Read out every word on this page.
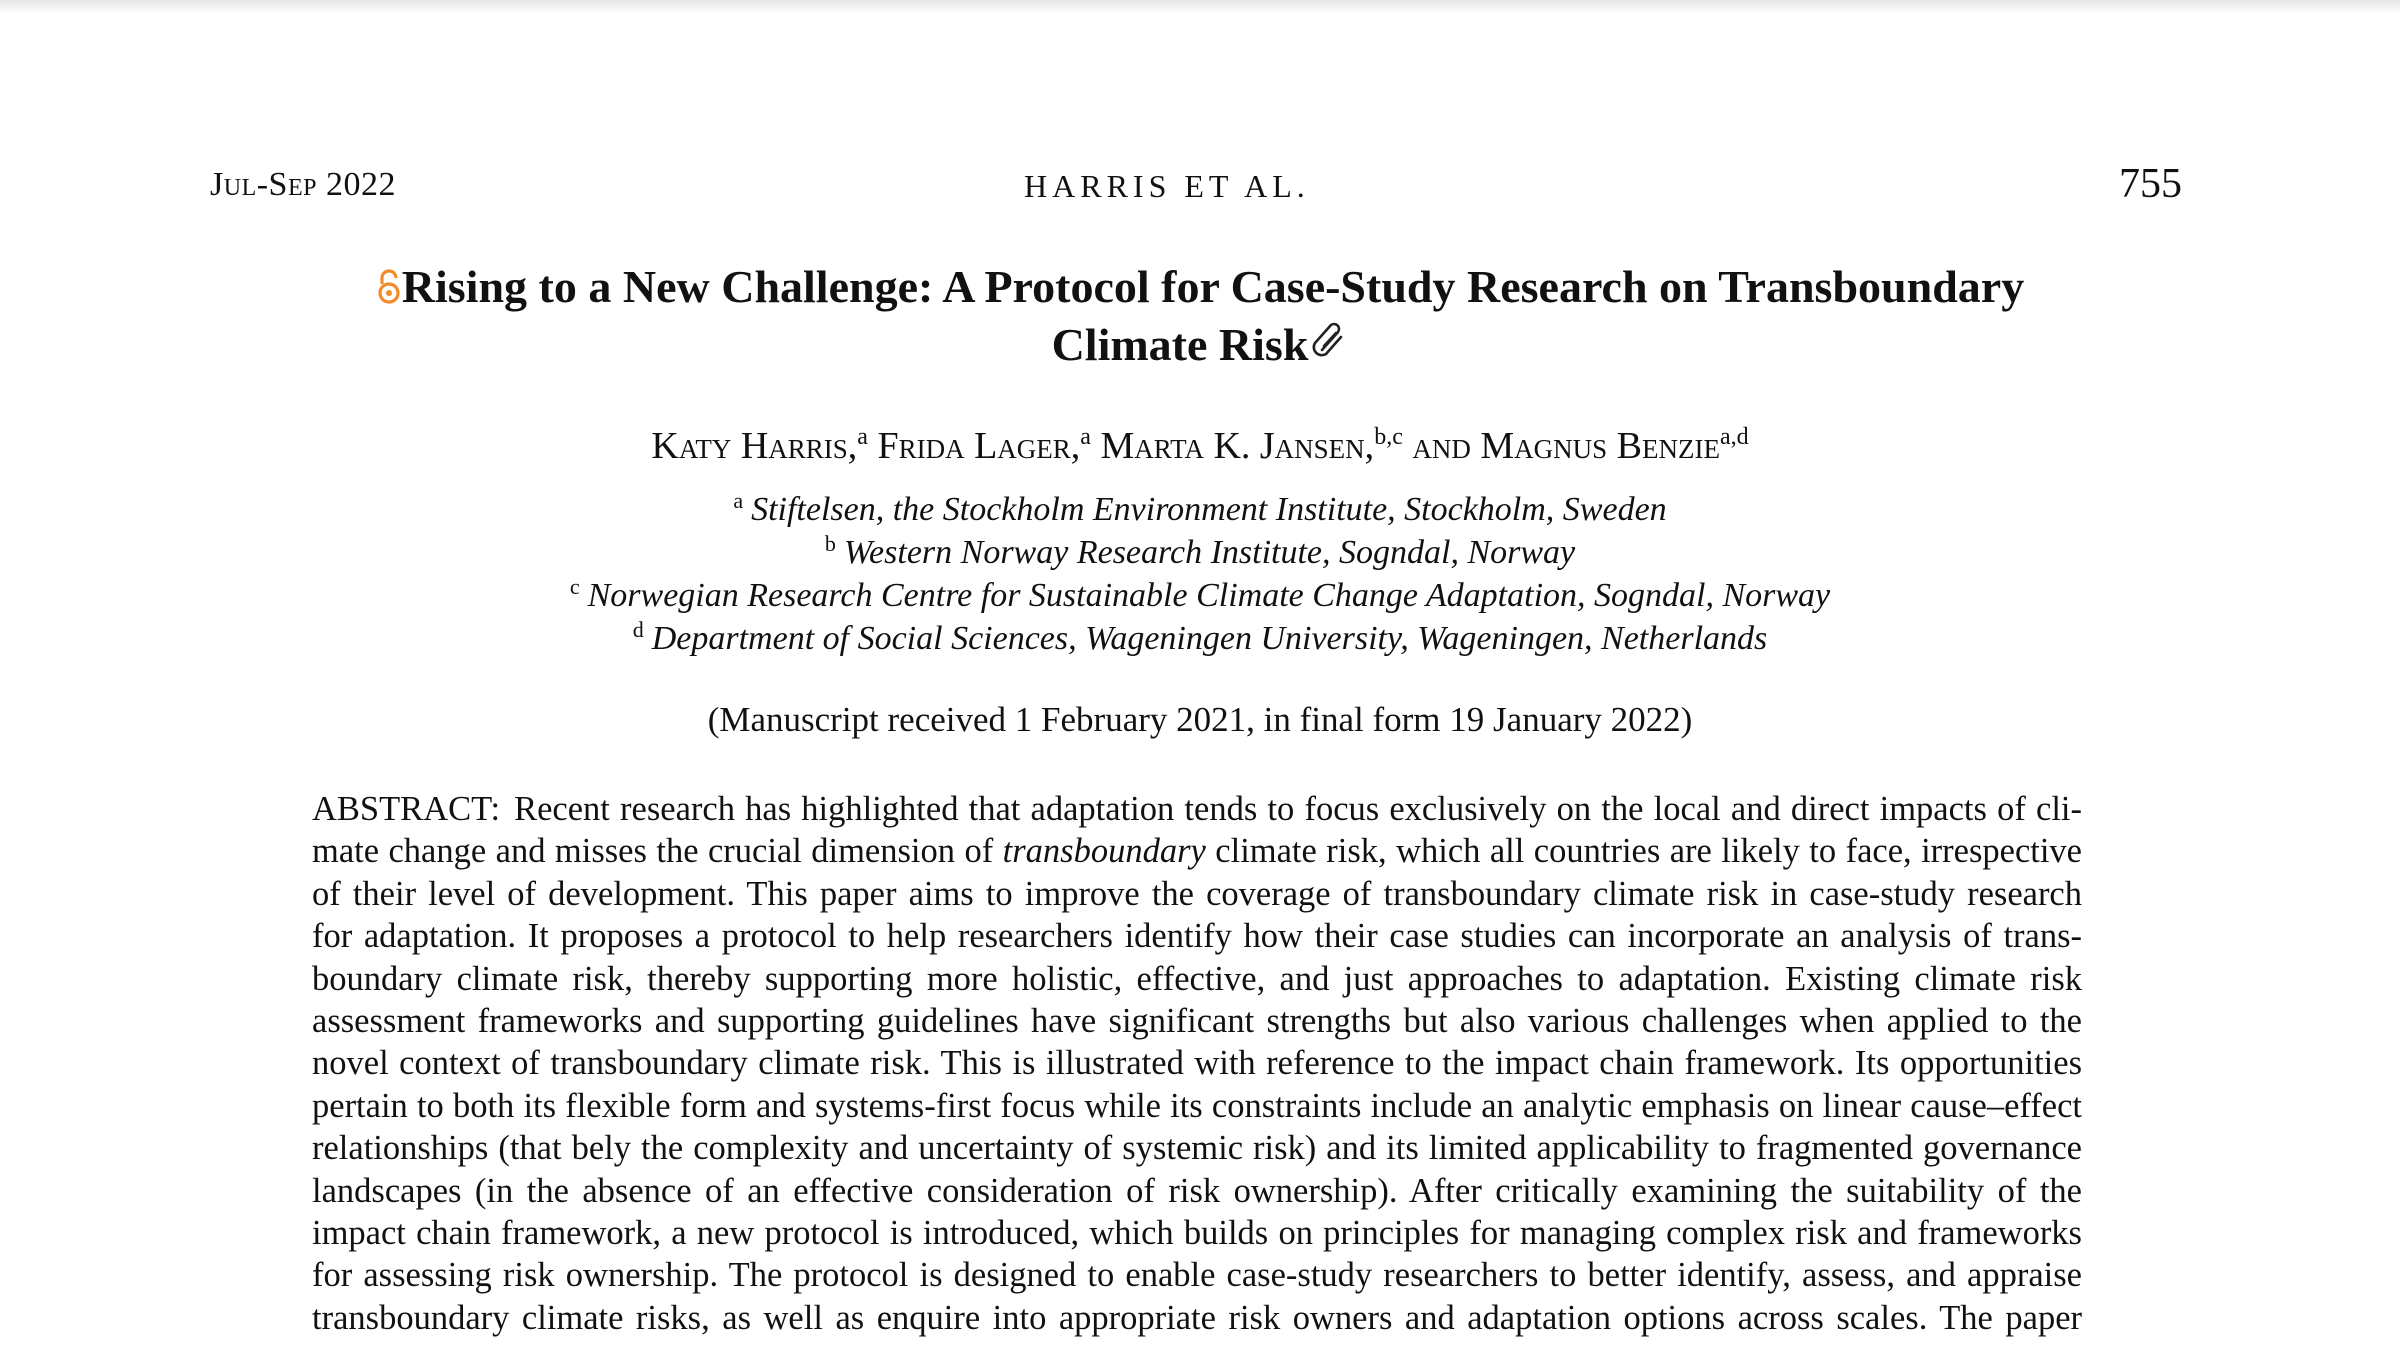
Jul-Sep 2022	HARRIS ET AL.	755
Rising to a New Challenge: A Protocol for Case-Study Research on Transboundary
Climate Risk
Katy Harris,$^a$ Frida Lager,$^a$ Marta K. Jansen,$^{b,c}$ and Magnus Benzie$^{a,d}$
$^a$ Stiftelsen, the Stockholm Environment Institute, Stockholm, Sweden
$^b$ Western Norway Research Institute, Sogndal, Norway
$^c$ Norwegian Research Centre for Sustainable Climate Change Adaptation, Sogndal, Norway
$^d$ Department of Social Sciences, Wageningen University, Wageningen, Netherlands
(Manuscript received 1 February 2021, in final form 19 January 2022)
ABSTRACT: Recent research has highlighted that adaptation tends to focus exclusively on the local and direct impacts of cli-
mate change and misses the crucial dimension of transboundary climate risk, which all countries are likely to face, irrespective
of their level of development. This paper aims to improve the coverage of transboundary climate risk in case-study research
for adaptation. It proposes a protocol to help researchers identify how their case studies can incorporate an analysis of trans-
boundary climate risk, thereby supporting more holistic, effective, and just approaches to adaptation. Existing climate risk
assessment frameworks and supporting guidelines have significant strengths but also various challenges when applied to the
novel context of transboundary climate risk. This is illustrated with reference to the impact chain framework. Its opportunities
pertain to both its flexible form and systems-first focus while its constraints include an analytic emphasis on linear cause–effect
relationships (that bely the complexity and uncertainty of systemic risk) and its limited applicability to fragmented governance
landscapes (in the absence of an effective consideration of risk ownership). After critically examining the suitability of the
impact chain framework, a new protocol is introduced, which builds on principles for managing complex risk and frameworks
for assessing risk ownership. The protocol is designed to enable case-study researchers to better identify, assess, and appraise
transboundary climate risks, as well as enquire into appropriate risk owners and adaptation options across scales. The paper
